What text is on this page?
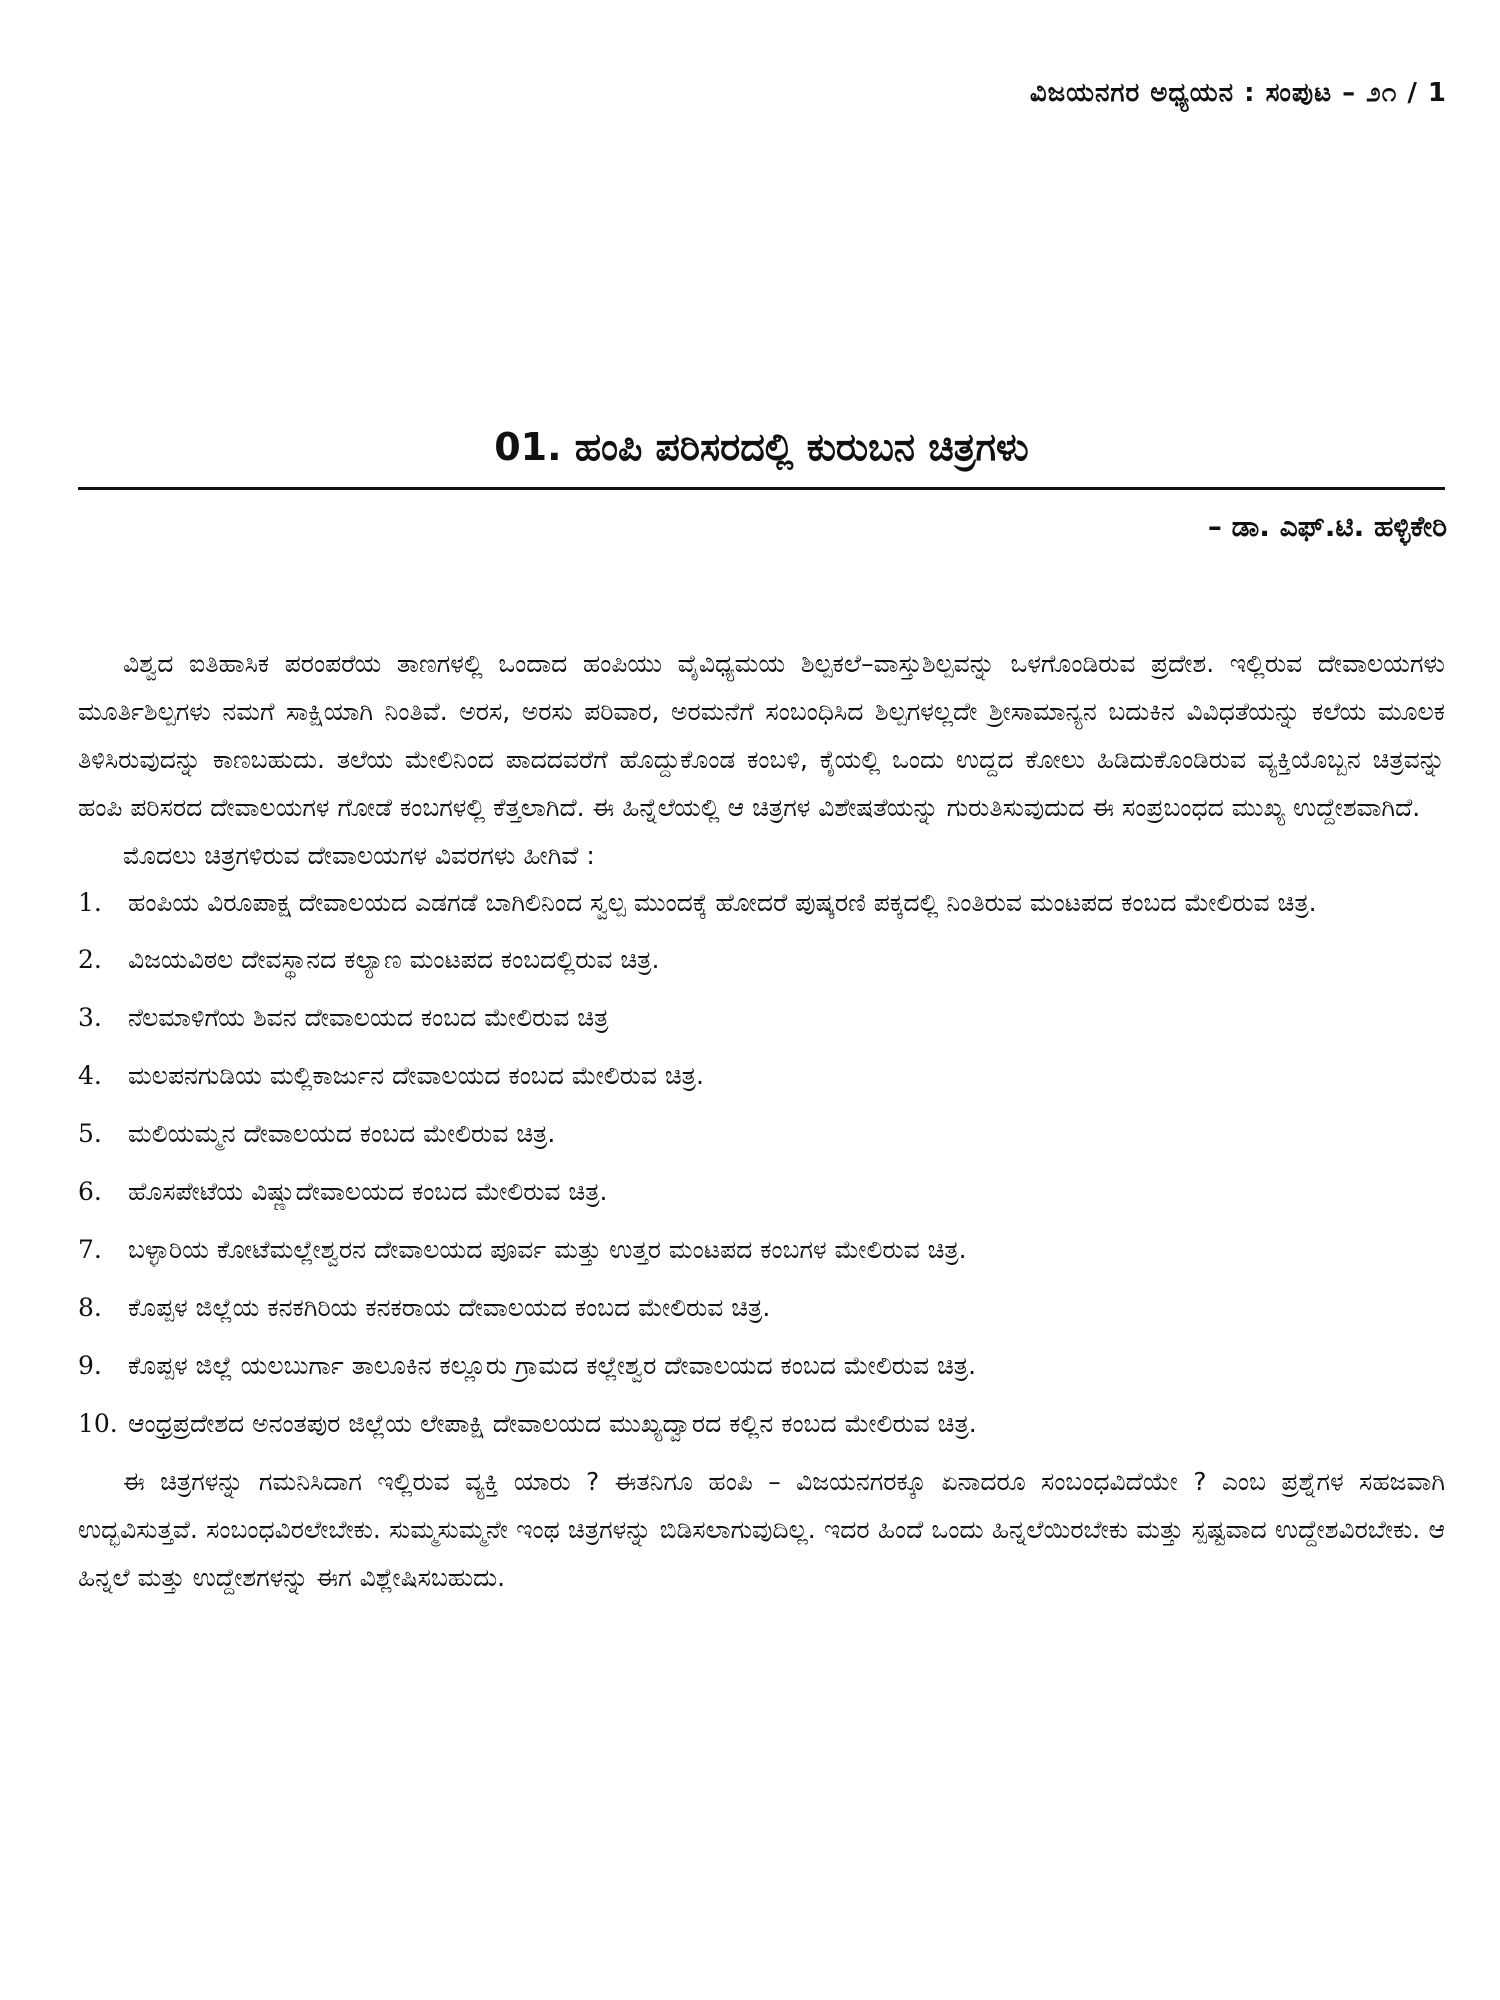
ವಿಜಯನಗರ ಅಧ್ಯಯನ : ಸಂಪುಟ – ೨೧ / 1
01. ಹಂಪಿ ಪರಿಸರದಲ್ಲಿ ಕುರುಬನ ಚಿತ್ರಗಳು
– ಡಾ. ಎಫ್.ಟಿ. ಹಳ್ಳಿಕೇರಿ

ವಿಶ್ವದ ಐತಿಹಾಸಿಕ ಪರಂಪರೆಯ ತಾಣಗಳಲ್ಲಿ ಒಂದಾದ ಹಂಪಿಯು ವೈವಿಧ್ಯಮಯ ಶಿಲ್ಪಕಲೆ–ವಾಸ್ತುಶಿಲ್ಪವನ್ನು ಒಳಗೊಂಡಿರುವ ಪ್ರದೇಶ. ಇಲ್ಲಿರುವ ದೇವಾಲಯಗಳು ಮೂರ್ತಿಶಿಲ್ಪಗಳು ನಮಗೆ ಸಾಕ್ಷಿಯಾಗಿ ನಿಂತಿವೆ. ಅರಸ, ಅರಸು ಪರಿವಾರ, ಅರಮನೆಗೆ ಸಂಬಂಧಿಸಿದ ಶಿಲ್ಪಗಳಲ್ಲದೇ ಶ್ರೀಸಾಮಾನ್ಯನ ಬದುಕಿನ ವಿವಿಧತೆಯನ್ನು ಕಲೆಯ ಮೂಲಕ ತಿಳಿಸಿರುವುದನ್ನು ಕಾಣಬಹುದು. ತಲೆಯ ಮೇಲಿನಿಂದ ಪಾದದವರೆಗೆ ಹೊದ್ದುಕೊಂಡ ಕಂಬಳಿ, ಕೈಯಲ್ಲಿ ಒಂದು ಉದ್ದದ ಕೋಲು ಹಿಡಿದುಕೊಂಡಿರುವ ವ್ಯಕ್ತಿಯೊಬ್ಬನ ಚಿತ್ರವನ್ನು ಹಂಪಿ ಪರಿಸರದ ದೇವಾಲಯಗಳ ಗೋಡೆ ಕಂಬಗಳಲ್ಲಿ ಕೆತ್ತಲಾಗಿದೆ. ಈ ಹಿನ್ನೆಲೆಯಲ್ಲಿ ಆ ಚಿತ್ರಗಳ ವಿಶೇಷತೆಯನ್ನು ಗುರುತಿಸುವುದುದ ಈ ಸಂಪ್ರಬಂಧದ ಮುಖ್ಯ ಉದ್ದೇಶವಾಗಿದೆ.

ಮೊದಲು ಚಿತ್ರಗಳಿರುವ ದೇವಾಲಯಗಳ ವಿವರಗಳು ಹೀಗಿವೆ :

1.	ಹಂಪಿಯ ವಿರೂಪಾಕ್ಷ ದೇವಾಲಯದ ಎಡಗಡೆ ಬಾಗಿಲಿನಿಂದ ಸ್ವಲ್ಪ ಮುಂದಕ್ಕೆ ಹೋದರೆ ಪುಷ್ಕರಣಿ ಪಕ್ಕದಲ್ಲಿ ನಿಂತಿರುವ ಮಂಟಪದ ಕಂಬದ ಮೇಲಿರುವ ಚಿತ್ರ.
2.	ವಿಜಯವಿಠಲ ದೇವಸ್ಥಾನದ ಕಲ್ಯಾಣ ಮಂಟಪದ ಕಂಬದಲ್ಲಿರುವ ಚಿತ್ರ.
3.	ನೆಲಮಾಳಿಗೆಯ ಶಿವನ ದೇವಾಲಯದ ಕಂಬದ ಮೇಲಿರುವ ಚಿತ್ರ
4.	ಮಲಪನಗುಡಿಯ ಮಲ್ಲಿಕಾರ್ಜುನ ದೇವಾಲಯದ ಕಂಬದ ಮೇಲಿರುವ ಚಿತ್ರ.
5.	ಮಲಿಯಮ್ಮನ ದೇವಾಲಯದ ಕಂಬದ ಮೇಲಿರುವ ಚಿತ್ರ.
6.	ಹೊಸಪೇಟೆಯ ವಿಷ್ಣುದೇವಾಲಯದ ಕಂಬದ ಮೇಲಿರುವ ಚಿತ್ರ.
7.	ಬಳ್ಳಾರಿಯ ಕೋಟೆಮಲ್ಲೇಶ್ವರನ ದೇವಾಲಯದ ಪೂರ್ವ ಮತ್ತು ಉತ್ತರ ಮಂಟಪದ ಕಂಬಗಳ ಮೇಲಿರುವ ಚಿತ್ರ.
8.	ಕೊಪ್ಪಳ ಜಿಲ್ಲೆಯ ಕನಕಗಿರಿಯ ಕನಕರಾಯ ದೇವಾಲಯದ ಕಂಬದ ಮೇಲಿರುವ ಚಿತ್ರ.
9.	ಕೊಪ್ಪಳ ಜಿಲ್ಲೆ ಯಲಬುರ್ಗಾ ತಾಲೂಕಿನ ಕಲ್ಲೂರು ಗ್ರಾಮದ ಕಲ್ಲೇಶ್ವರ ದೇವಾಲಯದ ಕಂಬದ ಮೇಲಿರುವ ಚಿತ್ರ.
10. ಆಂಧ್ರಪ್ರದೇಶದ ಅನಂತಪುರ ಜಿಲ್ಲೆಯ ಲೇಪಾಕ್ಷಿ ದೇವಾಲಯದ ಮುಖ್ಯದ್ವಾರದ ಕಲ್ಲಿನ ಕಂಬದ ಮೇಲಿರುವ ಚಿತ್ರ.

ಈ ಚಿತ್ರಗಳನ್ನು ಗಮನಿಸಿದಾಗ ಇಲ್ಲಿರುವ ವ್ಯಕ್ತಿ ಯಾರು ? ಈತನಿಗೂ ಹಂಪಿ – ವಿಜಯನಗರಕ್ಕೂ ಏನಾದರೂ ಸಂಬಂಧವಿದೆಯೇ ? ಎಂಬ ಪ್ರಶ್ನೆಗಳ ಸಹಜವಾಗಿ ಉದ್ಭವಿಸುತ್ತವೆ. ಸಂಬಂಧವಿರಲೇಬೇಕು. ಸುಮ್ಮಸುಮ್ಮನೇ ಇಂಥ ಚಿತ್ರಗಳನ್ನು ಬಿಡಿಸಲಾಗುವುದಿಲ್ಲ. ಇದರ ಹಿಂದೆ ಒಂದು ಹಿನ್ನಲೆಯಿರಬೇಕು ಮತ್ತು ಸ್ಪಷ್ಟವಾದ ಉದ್ದೇಶವಿರಬೇಕು. ಆ ಹಿನ್ನಲೆ ಮತ್ತು ಉದ್ದೇಶಗಳನ್ನು ಈಗ ವಿಶ್ಲೇಷಿಸಬಹುದು.
